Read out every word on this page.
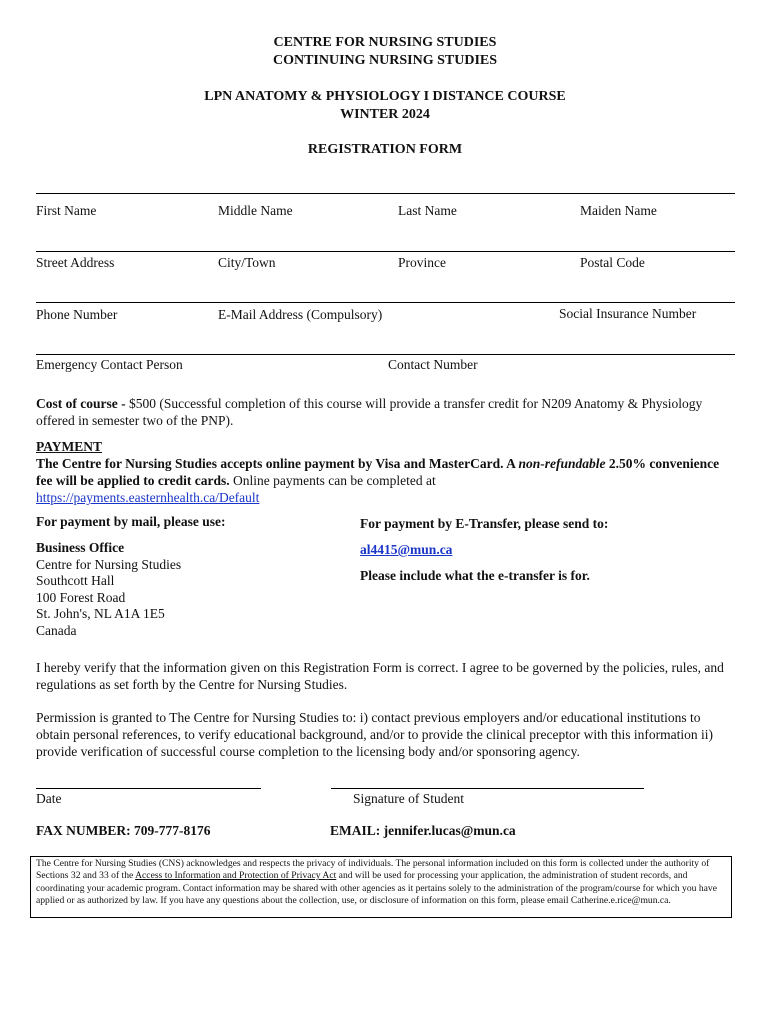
CENTRE FOR NURSING STUDIES
CONTINUING NURSING STUDIES
LPN ANATOMY & PHYSIOLOGY I DISTANCE COURSE
WINTER 2024
REGISTRATION FORM
First Name	Middle Name	Last Name	Maiden Name
Street Address	City/Town	Province	Postal Code
Phone Number	E-Mail Address (Compulsory)	Social Insurance Number
Emergency Contact Person	Contact Number
Cost of course - $500 (Successful completion of this course will provide a transfer credit for N209 Anatomy & Physiology offered in semester two of the PNP).
PAYMENT
The Centre for Nursing Studies accepts online payment by Visa and MasterCard. A non-refundable 2.50% convenience fee will be applied to credit cards. Online payments can be completed at
https://payments.easternhealth.ca/Default
For payment by mail, please use:
Business Office
Centre for Nursing Studies
Southcott Hall
100 Forest Road
St. John's, NL A1A 1E5
Canada
For payment by E-Transfer, please send to:
al4415@mun.ca
Please include what the e-transfer is for.
I hereby verify that the information given on this Registration Form is correct. I agree to be governed by the policies, rules, and regulations as set forth by the Centre for Nursing Studies.
Permission is granted to The Centre for Nursing Studies to: i) contact previous employers and/or educational institutions to obtain personal references, to verify educational background, and/or to provide the clinical preceptor with this information ii) provide verification of successful course completion to the licensing body and/or sponsoring agency.
Date	Signature of Student
FAX NUMBER: 709-777-8176	EMAIL: jennifer.lucas@mun.ca
The Centre for Nursing Studies (CNS) acknowledges and respects the privacy of individuals. The personal information included on this form is collected under the authority of Sections 32 and 33 of the Access to Information and Protection of Privacy Act and will be used for processing your application, the administration of student records, and coordinating your academic program. Contact information may be shared with other agencies as it pertains solely to the administration of the program/course for which you have applied or as authorized by law. If you have any questions about the collection, use, or disclosure of information on this form, please email Catherine.e.rice@mun.ca.
